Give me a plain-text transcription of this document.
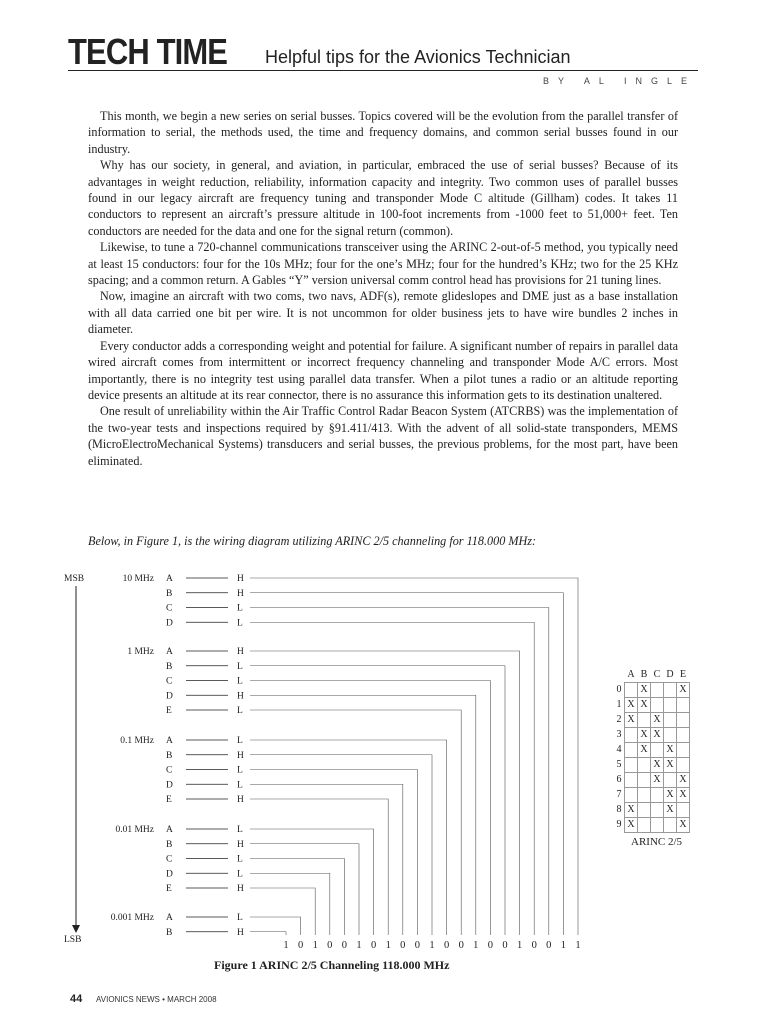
TECH TIME	Helpful tips for the Avionics Technician
BY AL INGLE

This month, we begin a new series on serial busses. Topics covered will be the evolution from the parallel transfer of information to serial, the methods used, the time and frequency domains, and common serial busses found in our industry.

Why has our society, in general, and aviation, in particular, embraced the use of serial busses? Because of its advantages in weight reduction, reliability, information capacity and integrity. Two common uses of parallel busses found in our legacy aircraft are frequency tuning and transponder Mode C altitude (Gillham) codes. It takes 11 conductors to represent an aircraft’s pressure altitude in 100-foot increments from -1000 feet to 51,000+ feet. Ten conductors are needed for the data and one for the signal return (common).

Likewise, to tune a 720-channel communications transceiver using the ARINC 2-out-of-5 method, you typically need at least 15 conductors: four for the 10s MHz; four for the one’s MHz; four for the hundred’s KHz; two for the 25 KHz spacing; and a common return. A Gables “Y” version universal comm control head has provisions for 21 tuning lines.

Now, imagine an aircraft with two coms, two navs, ADF(s), remote glideslopes and DME just as a base installation with all data carried one bit per wire. It is not uncommon for older business jets to have wire bundles 2 inches in diameter.

Every conductor adds a corresponding weight and potential for failure. A significant number of repairs in parallel data wired aircraft comes from intermittent or incorrect frequency channeling and transponder Mode A/C errors. Most importantly, there is no integrity test using parallel data transfer. When a pilot tunes a radio or an altitude reporting device presents an altitude at its rear connector, there is no assurance this information gets to its destination unaltered.

One result of unreliability within the Air Traffic Control Radar Beacon System (ATCRBS) was the implementation of the two-year tests and inspections required by §91.411/413. With the advent of all solid-state transponders, MEMS (MicroElectroMechanical Systems) transducers and serial busses, the previous problems, for the most part, have been eliminated.

Below, in Figure 1, is the wiring diagram utilizing ARINC 2/5 channeling for 118.000 MHz:
MSB
LSB
10 MHz A	H
B	H
C	L
D	L
1 MHz A	H
B	L
C	L
D	H
E	L
0.1 MHz A	L
B	H
C	L
D	L
E	H
0.01 MHz A	L
B	H
C	L
D	L
E	H
0.001 MHz A	L
B	H
1 0 1 0 0 1 0 1 0 0 1 0 0 1 0 0 1 0 0 1 1
Figure 1 ARINC 2/5 Channeling 118.000 MHz
	A	B	C	D	E
0		X			X
1	X	X			
2	X		X		
3		X	X		
4		X		X	
5			X	X	
6			X		X
7				X	X
8	X			X	
9	X				X
ARINC 2/5
44 AVIONICS NEWS • MARCH 2008
